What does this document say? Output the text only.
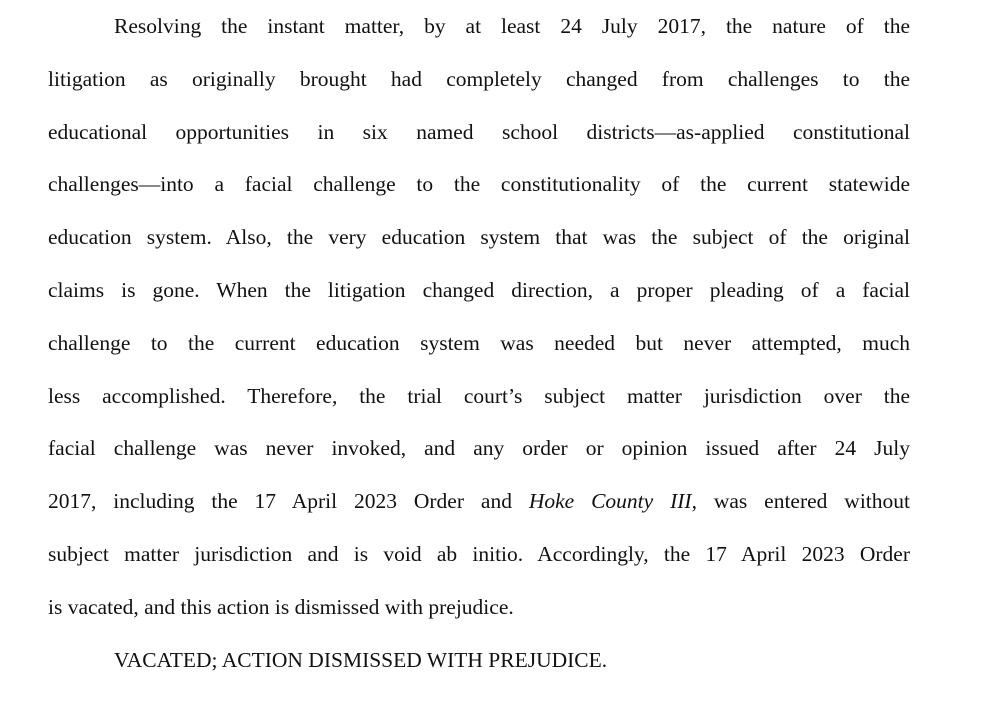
Resolving the instant matter, by at least 24 July 2017, the nature of the
litigation as originally brought had completely changed from challenges to the
educational opportunities in six named school districts—as-applied constitutional
challenges—into a facial challenge to the constitutionality of the current statewide
education system. Also, the very education system that was the subject of the original
claims is gone. When the litigation changed direction, a proper pleading of a facial
challenge to the current education system was needed but never attempted, much
less accomplished. Therefore, the trial court’s subject matter jurisdiction over the
facial challenge was never invoked, and any order or opinion issued after 24 July
2017, including the 17 April 2023 Order and Hoke County III, was entered without
subject matter jurisdiction and is void ab initio. Accordingly, the 17 April 2023 Order
is vacated, and this action is dismissed with prejudice.
VACATED; ACTION DISMISSED WITH PREJUDICE.
